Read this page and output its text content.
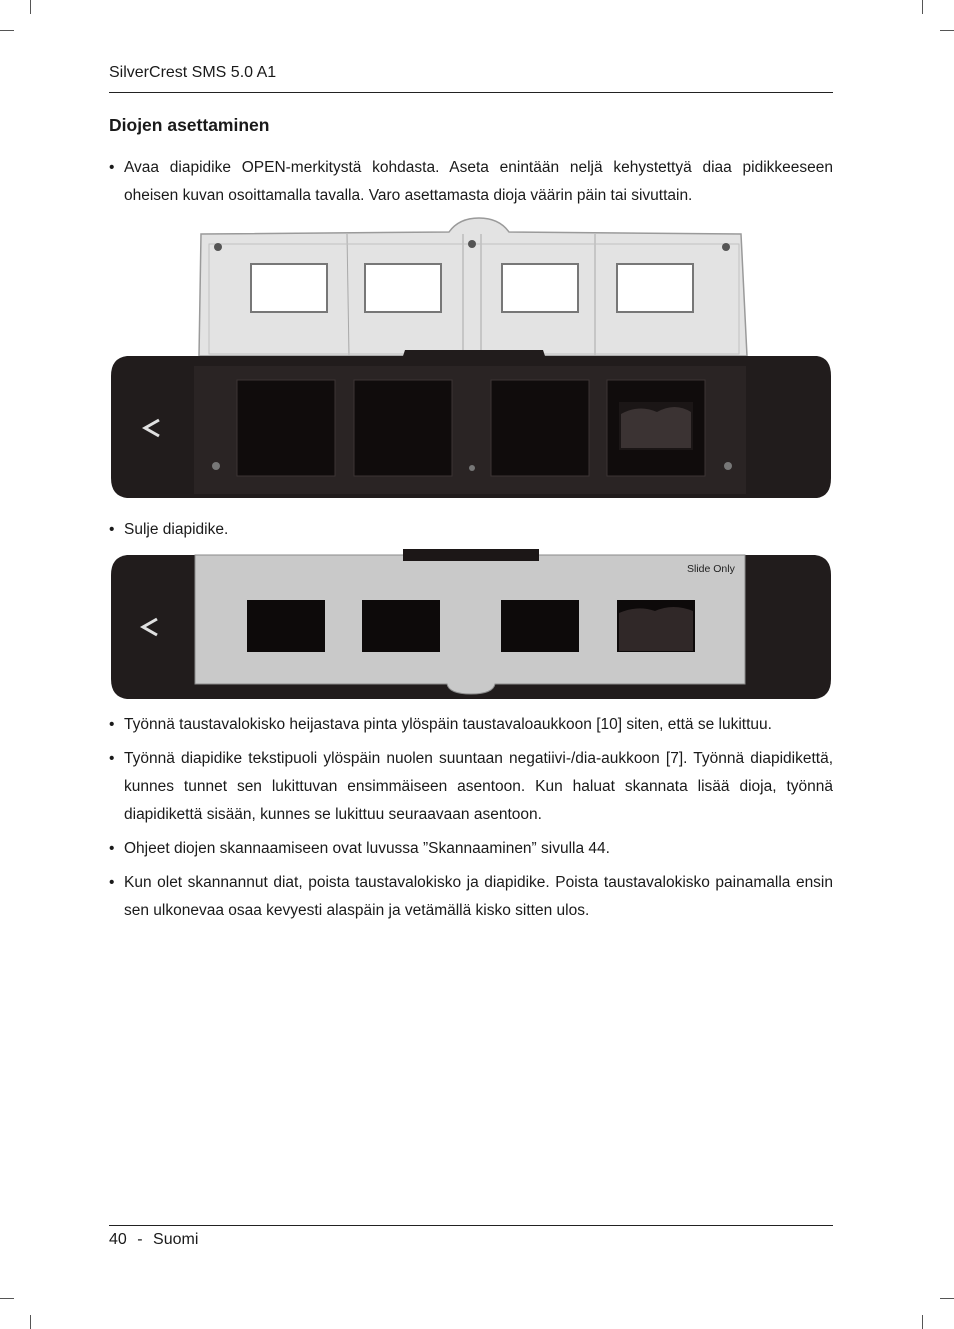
SilverCrest SMS 5.0 A1
Diojen asettaminen
• Avaa diapidike OPEN-merkitystä kohdasta. Aseta enintään neljä kehystettyä diaa pidikkeeseen oheisen kuvan osoittamalla tavalla. Varo asettamasta dioja väärin päin tai sivuttain.
• Sulje diapidike.
Slide Only
• Työnnä taustavalokisko heijastava pinta ylöspäin taustavaloaukkoon [10] siten, että se lukittuu.
• Työnnä diapidike tekstipuoli ylöspäin nuolen suuntaan negatiivi-/dia-aukkoon [7]. Työnnä diapidikettä, kunnes tunnet sen lukittuvan ensimmäiseen asentoon. Kun haluat skannata lisää dioja, työnnä diapidikettä sisään, kunnes se lukittuu seuraavaan asentoon.
• Ohjeet diojen skannaamiseen ovat luvussa ”Skannaaminen” sivulla 44.
• Kun olet skannannut diat, poista taustavalokisko ja diapidike. Poista taustavalokisko painamalla ensin sen ulkonevaa osaa kevyesti alaspäin ja vetämällä kisko sitten ulos.
40 - Suomi
